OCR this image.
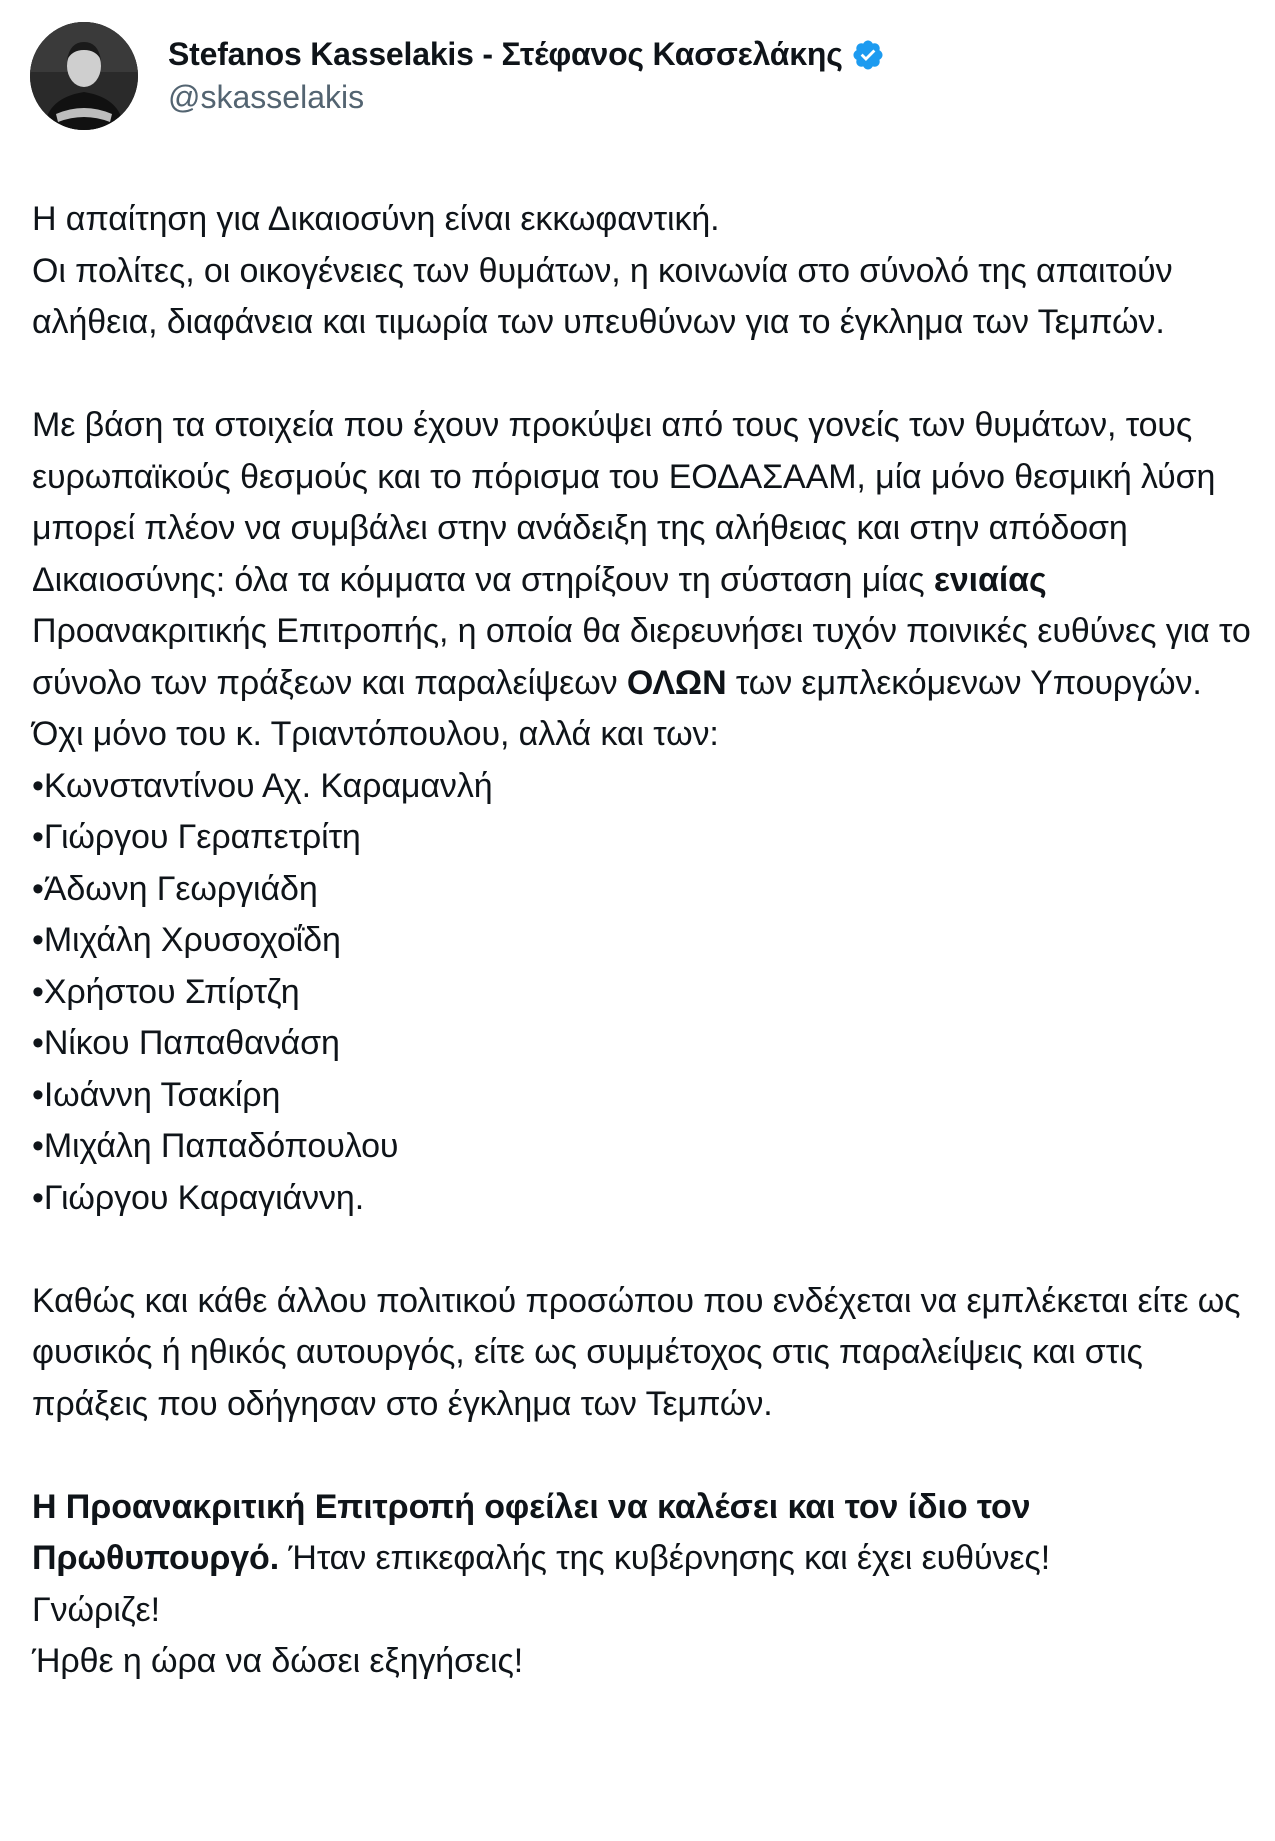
Stefanos Kasselakis - Στέφανος Κασσελάκης
@skasselakis

Η απαίτηση για Δικαιοσύνη είναι εκκωφαντική.

Οι πολίτες, οι οικογένειες των θυμάτων, η κοινωνία στο σύνολό της απαιτούν αλήθεια, διαφάνεια και τιμωρία των υπευθύνων για το έγκλημα των Τεμπών.

Με βάση τα στοιχεία που έχουν προκύψει από τους γονείς των θυμάτων, τους ευρωπαϊκούς θεσμούς και το πόρισμα του ΕΟΔΑΣΑΑΜ, μία μόνο θεσμική λύση μπορεί πλέον να συμβάλει στην ανάδειξη της αλήθειας και στην απόδοση Δικαιοσύνης: όλα τα κόμματα να στηρίξουν τη σύσταση μίας ενιαίας Προανακριτικής Επιτροπής, η οποία θα διερευνήσει τυχόν ποινικές ευθύνες για το σύνολο των πράξεων και παραλείψεων ΟΛΩΝ των εμπλεκόμενων Υπουργών. Όχι μόνο του κ. Τριαντόπουλου, αλλά και των:

• Κωνσταντίνου Αχ. Καραμανλή

• Γιώργου Γεραπετρίτη

• Άδωνη Γεωργιάδη

• Μιχάλη Χρυσοχοΐδη

• Χρήστου Σπίρτζη

• Νίκου Παπαθανάση

• Ιωάννη Τσακίρη

• Μιχάλη Παπαδόπουλου

• Γιώργου Καραγιάννη.

Καθώς και κάθε άλλου πολιτικού προσώπου που ενδέχεται να εμπλέκεται είτε ως φυσικός ή ηθικός αυτουργός, είτε ως συμμέτοχος στις παραλείψεις και στις πράξεις που οδήγησαν στο έγκλημα των Τεμπών.

Η Προανακριτική Επιτροπή οφείλει να καλέσει και τον ίδιο τον Πρωθυπουργό. Ήταν επικεφαλής της κυβέρνησης και έχει ευθύνες!

Γνώριζε!

Ήρθε η ώρα να δώσει εξηγήσεις!
